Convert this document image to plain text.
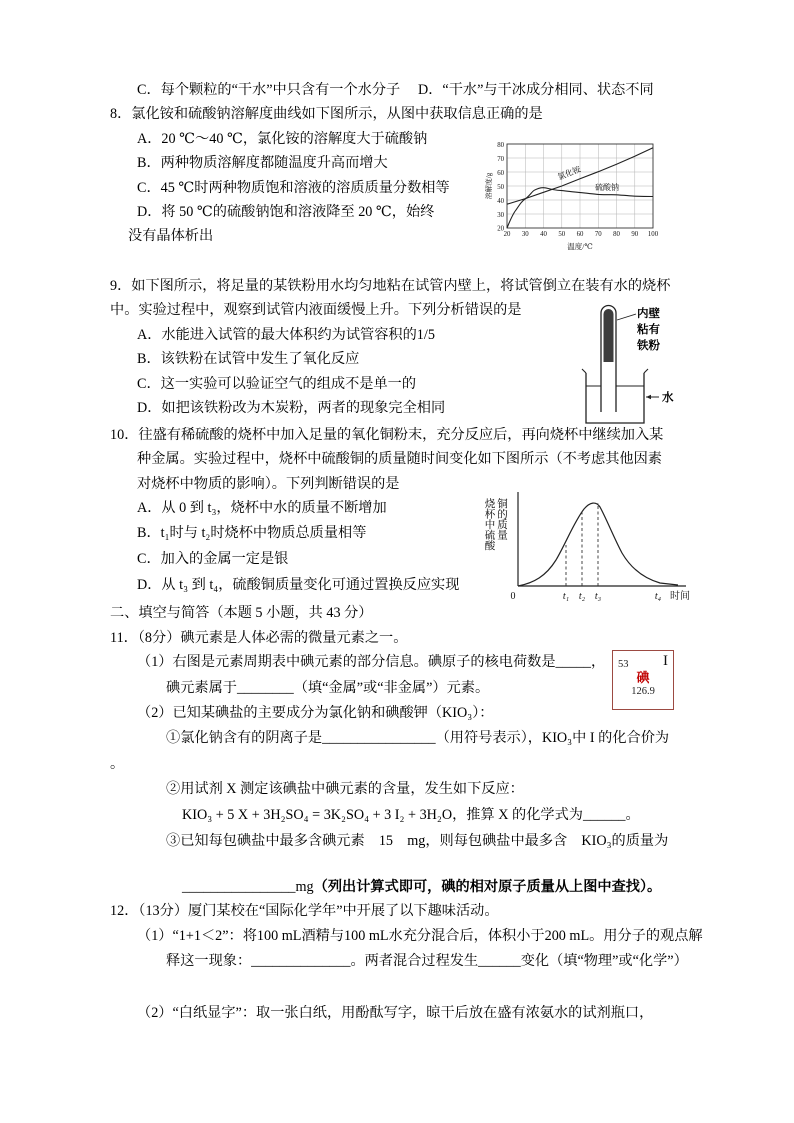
C．每个颗粒的“干水”中只含有一个水分子　 D．“干水”与干冰成分相同、状态不同
8．氯化铵和硫酸钠溶解度曲线如下图所示，从图中获取信息正确的是
A．20 ℃～40 ℃，氯化铵的溶解度大于硫酸钠
B．两种物质溶解度都随温度升高而增大
C．45 ℃时两种物质饱和溶液的溶质质量分数相等
D．将 50 ℃的硫酸钠饱和溶液降至 20 ℃，始终
没有晶体析出
80
70
60
50
40
30
20
20 30 40 50 60 70 80 90 100
氯化铵
硫酸钠
溶解度/g
温度/℃
9．如下图所示，将足量的某铁粉用水均匀地粘在试管内壁上，将试管倒立在装有水的烧杯
中。实验过程中，观察到试管内液面缓慢上升。下列分析错误的是
A．水能进入试管的最大体积约为试管容积的1/5
B．该铁粉在试管中发生了氧化反应
C．这一实验可以验证空气的组成不是单一的
D．如把该铁粉改为木炭粉，两者的现象完全相同
内壁粘有铁粉
水
10．往盛有稀硫酸的烧杯中加入足量的氧化铜粉末，充分反应后，再向烧杯中继续加入某
种金属。实验过程中，烧杯中硫酸铜的质量随时间变化如下图所示（不考虑其他因素
对烧杯中物质的影响）。下列判断错误的是
A．从 0 到 t₃，烧杯中水的质量不断增加
B．t₁时与 t₂时烧杯中物质总质量相等
C．加入的金属一定是银
D．从 t₃ 到 t₄，硫酸铜质量变化可通过置换反应实现
烧杯中硫酸铜的质量
0	t₁ t₂ t₃	t₄ 时间
二、填空与简答（本题 5 小题，共 43 分）
11．（8分）碘元素是人体必需的微量元素之一。
（1）右图是元素周期表中碘元素的部分信息。碘原子的核电荷数是_____，
碘元素属于________（填“金属”或“非金属”）元素。
（2）已知某碘盐的主要成分为氯化钠和碘酸钾（KIO₃）：
①氯化钠含有的阴离子是________________（用符号表示），KIO₃中 I 的化合价为
。
②用试剂 X 测定该碘盐中碘元素的含量，发生如下反应：
KIO₃ + 5 X + 3H₂SO₄ = 3K₂SO₄ + 3 I₂ + 3H₂O，推算 X 的化学式为______。
③已知每包碘盐中最多含碘元素　15　mg，则每包碘盐中最多含　KIO₃的质量为
________________mg（列出计算式即可，碘的相对原子质量从上图中查找）。
53 I
碘
126.9
12．（13分）厦门某校在“国际化学年”中开展了以下趣味活动。
（1）“1+1＜2”：将100 mL酒精与100 mL水充分混合后，体积小于200 mL。用分子的观点解
释这一现象：______________。两者混合过程发生______变化（填“物理”或“化学”）
（2）“白纸显字”：取一张白纸，用酚酞写字，晾干后放在盛有浓氨水的试剂瓶口，
